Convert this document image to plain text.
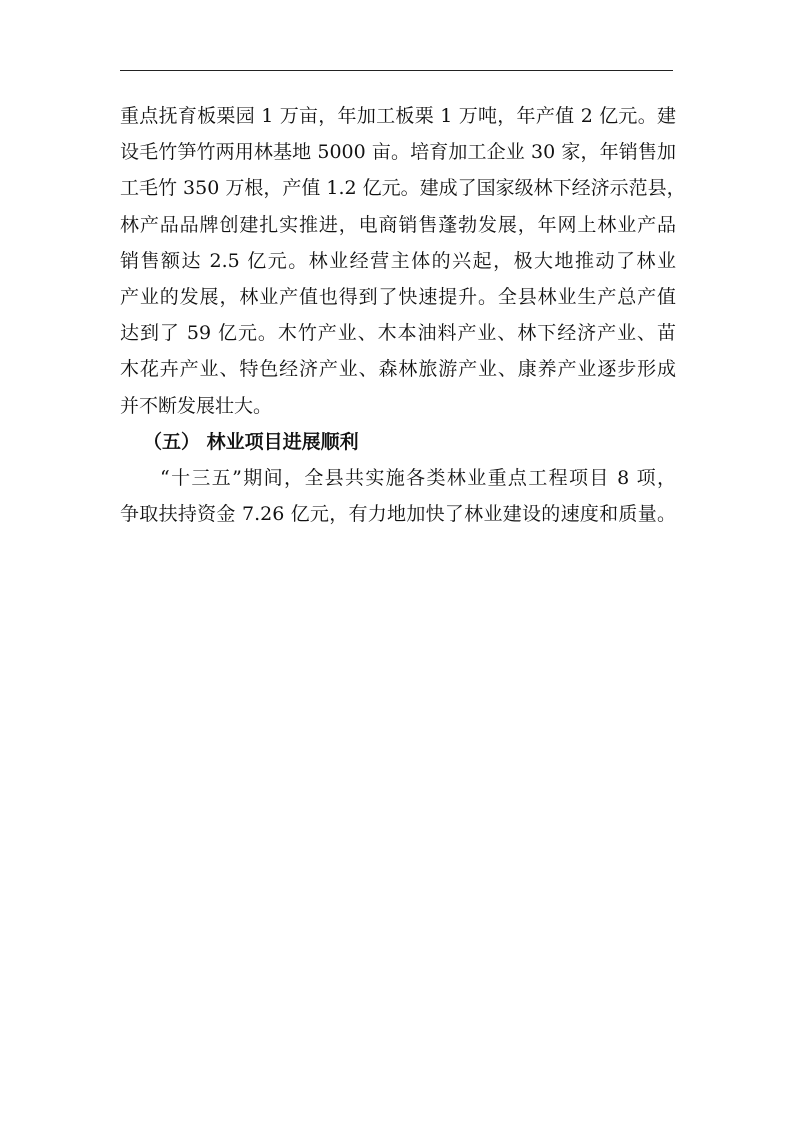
重点抚育板栗园 1 万亩，年加工板栗 1 万吨，年产值 2 亿元。建
设毛竹笋竹两用林基地 5000 亩。培育加工企业 30 家，年销售加
工毛竹 350 万根，产值 1.2 亿元。建成了国家级林下经济示范县，
林产品品牌创建扎实推进，电商销售蓬勃发展，年网上林业产品
销售额达 2.5 亿元。林业经营主体的兴起，极大地推动了林业
产业的发展，林业产值也得到了快速提升。全县林业生产总产值
达到了 59 亿元。木竹产业、木本油料产业、林下经济产业、苗
木花卉产业、特色经济产业、森林旅游产业、康养产业逐步形成
并不断发展壮大。
（五） 林业项目进展顺利
“十三五”期间，全县共实施各类林业重点工程项目 8 项，
争取扶持资金 7.26 亿元，有力地加快了林业建设的速度和质量。
